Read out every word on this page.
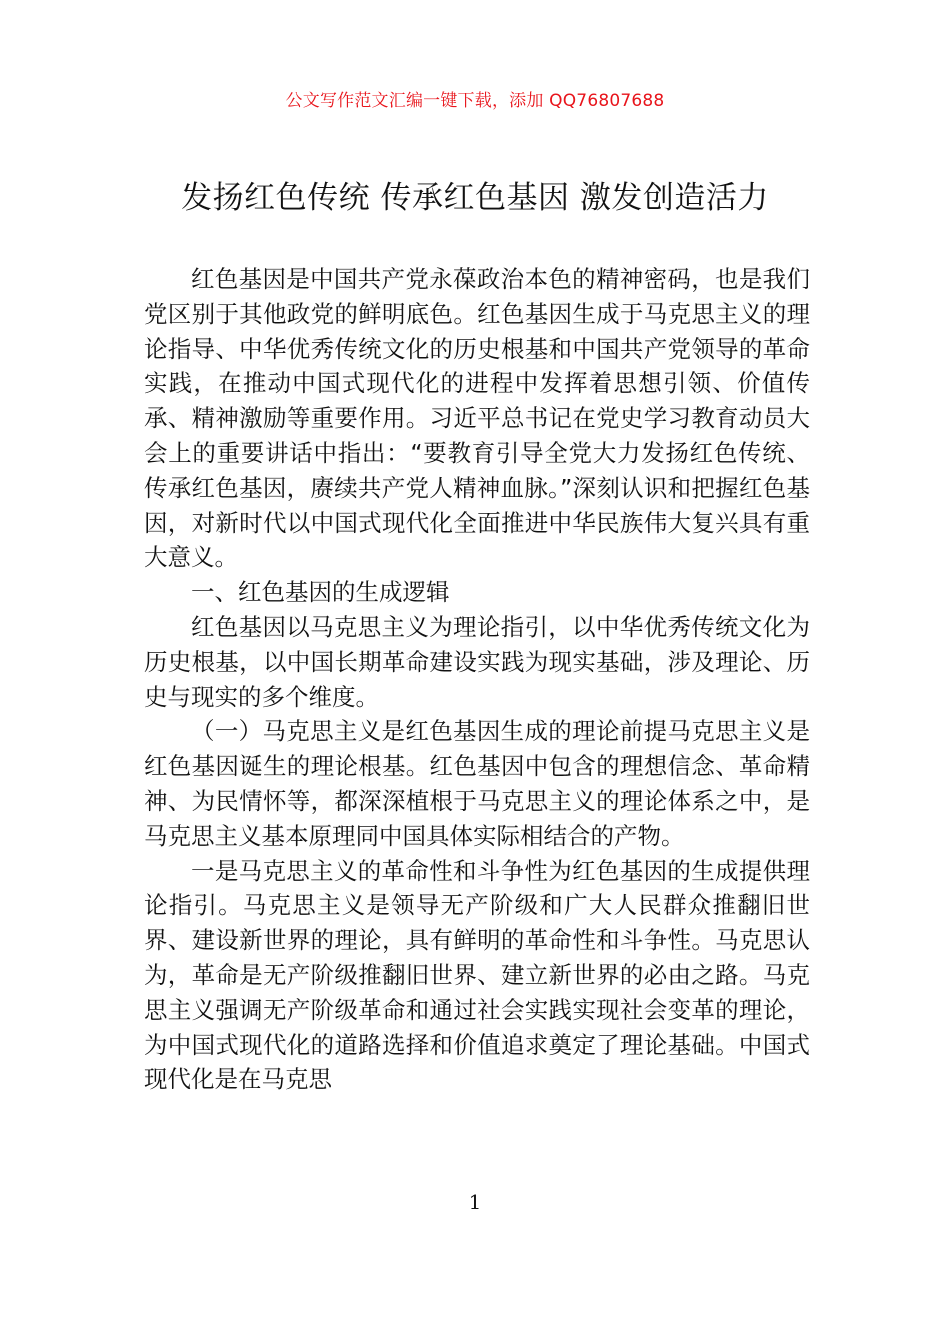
公文写作范文汇编一键下载，添加 QQ76807688
发扬红色传统 传承红色基因 激发创造活力

红色基因是中国共产党永葆政治本色的精神密码，也是我们党区别于其他政党的鲜明底色。红色基因生成于马克思主义的理论指导、中华优秀传统文化的历史根基和中国共产党领导的革命实践，在推动中国式现代化的进程中发挥着思想引领、价值传承、精神激励等重要作用。习近平总书记在党史学习教育动员大会上的重要讲话中指出：“要教育引导全党大力发扬红色传统、传承红色基因，赓续共产党人精神血脉。”深刻认识和把握红色基因，对新时代以中国式现代化全面推进中华民族伟大复兴具有重大意义。

一、红色基因的生成逻辑

红色基因以马克思主义为理论指引，以中华优秀传统文化为历史根基，以中国长期革命建设实践为现实基础，涉及理论、历史与现实的多个维度。

（一）马克思主义是红色基因生成的理论前提马克思主义是红色基因诞生的理论根基。红色基因中包含的理想信念、革命精神、为民情怀等，都深深植根于马克思主义的理论体系之中，是马克思主义基本原理同中国具体实际相结合的产物。

一是马克思主义的革命性和斗争性为红色基因的生成提供理论指引。马克思主义是领导无产阶级和广大人民群众推翻旧世界、建设新世界的理论，具有鲜明的革命性和斗争性。马克思认为，革命是无产阶级推翻旧世界、建立新世界的必由之路。马克思主义强调无产阶级革命和通过社会实践实现社会变革的理论，为中国式现代化的道路选择和价值追求奠定了理论基础。中国式现代化是在马克思

1
